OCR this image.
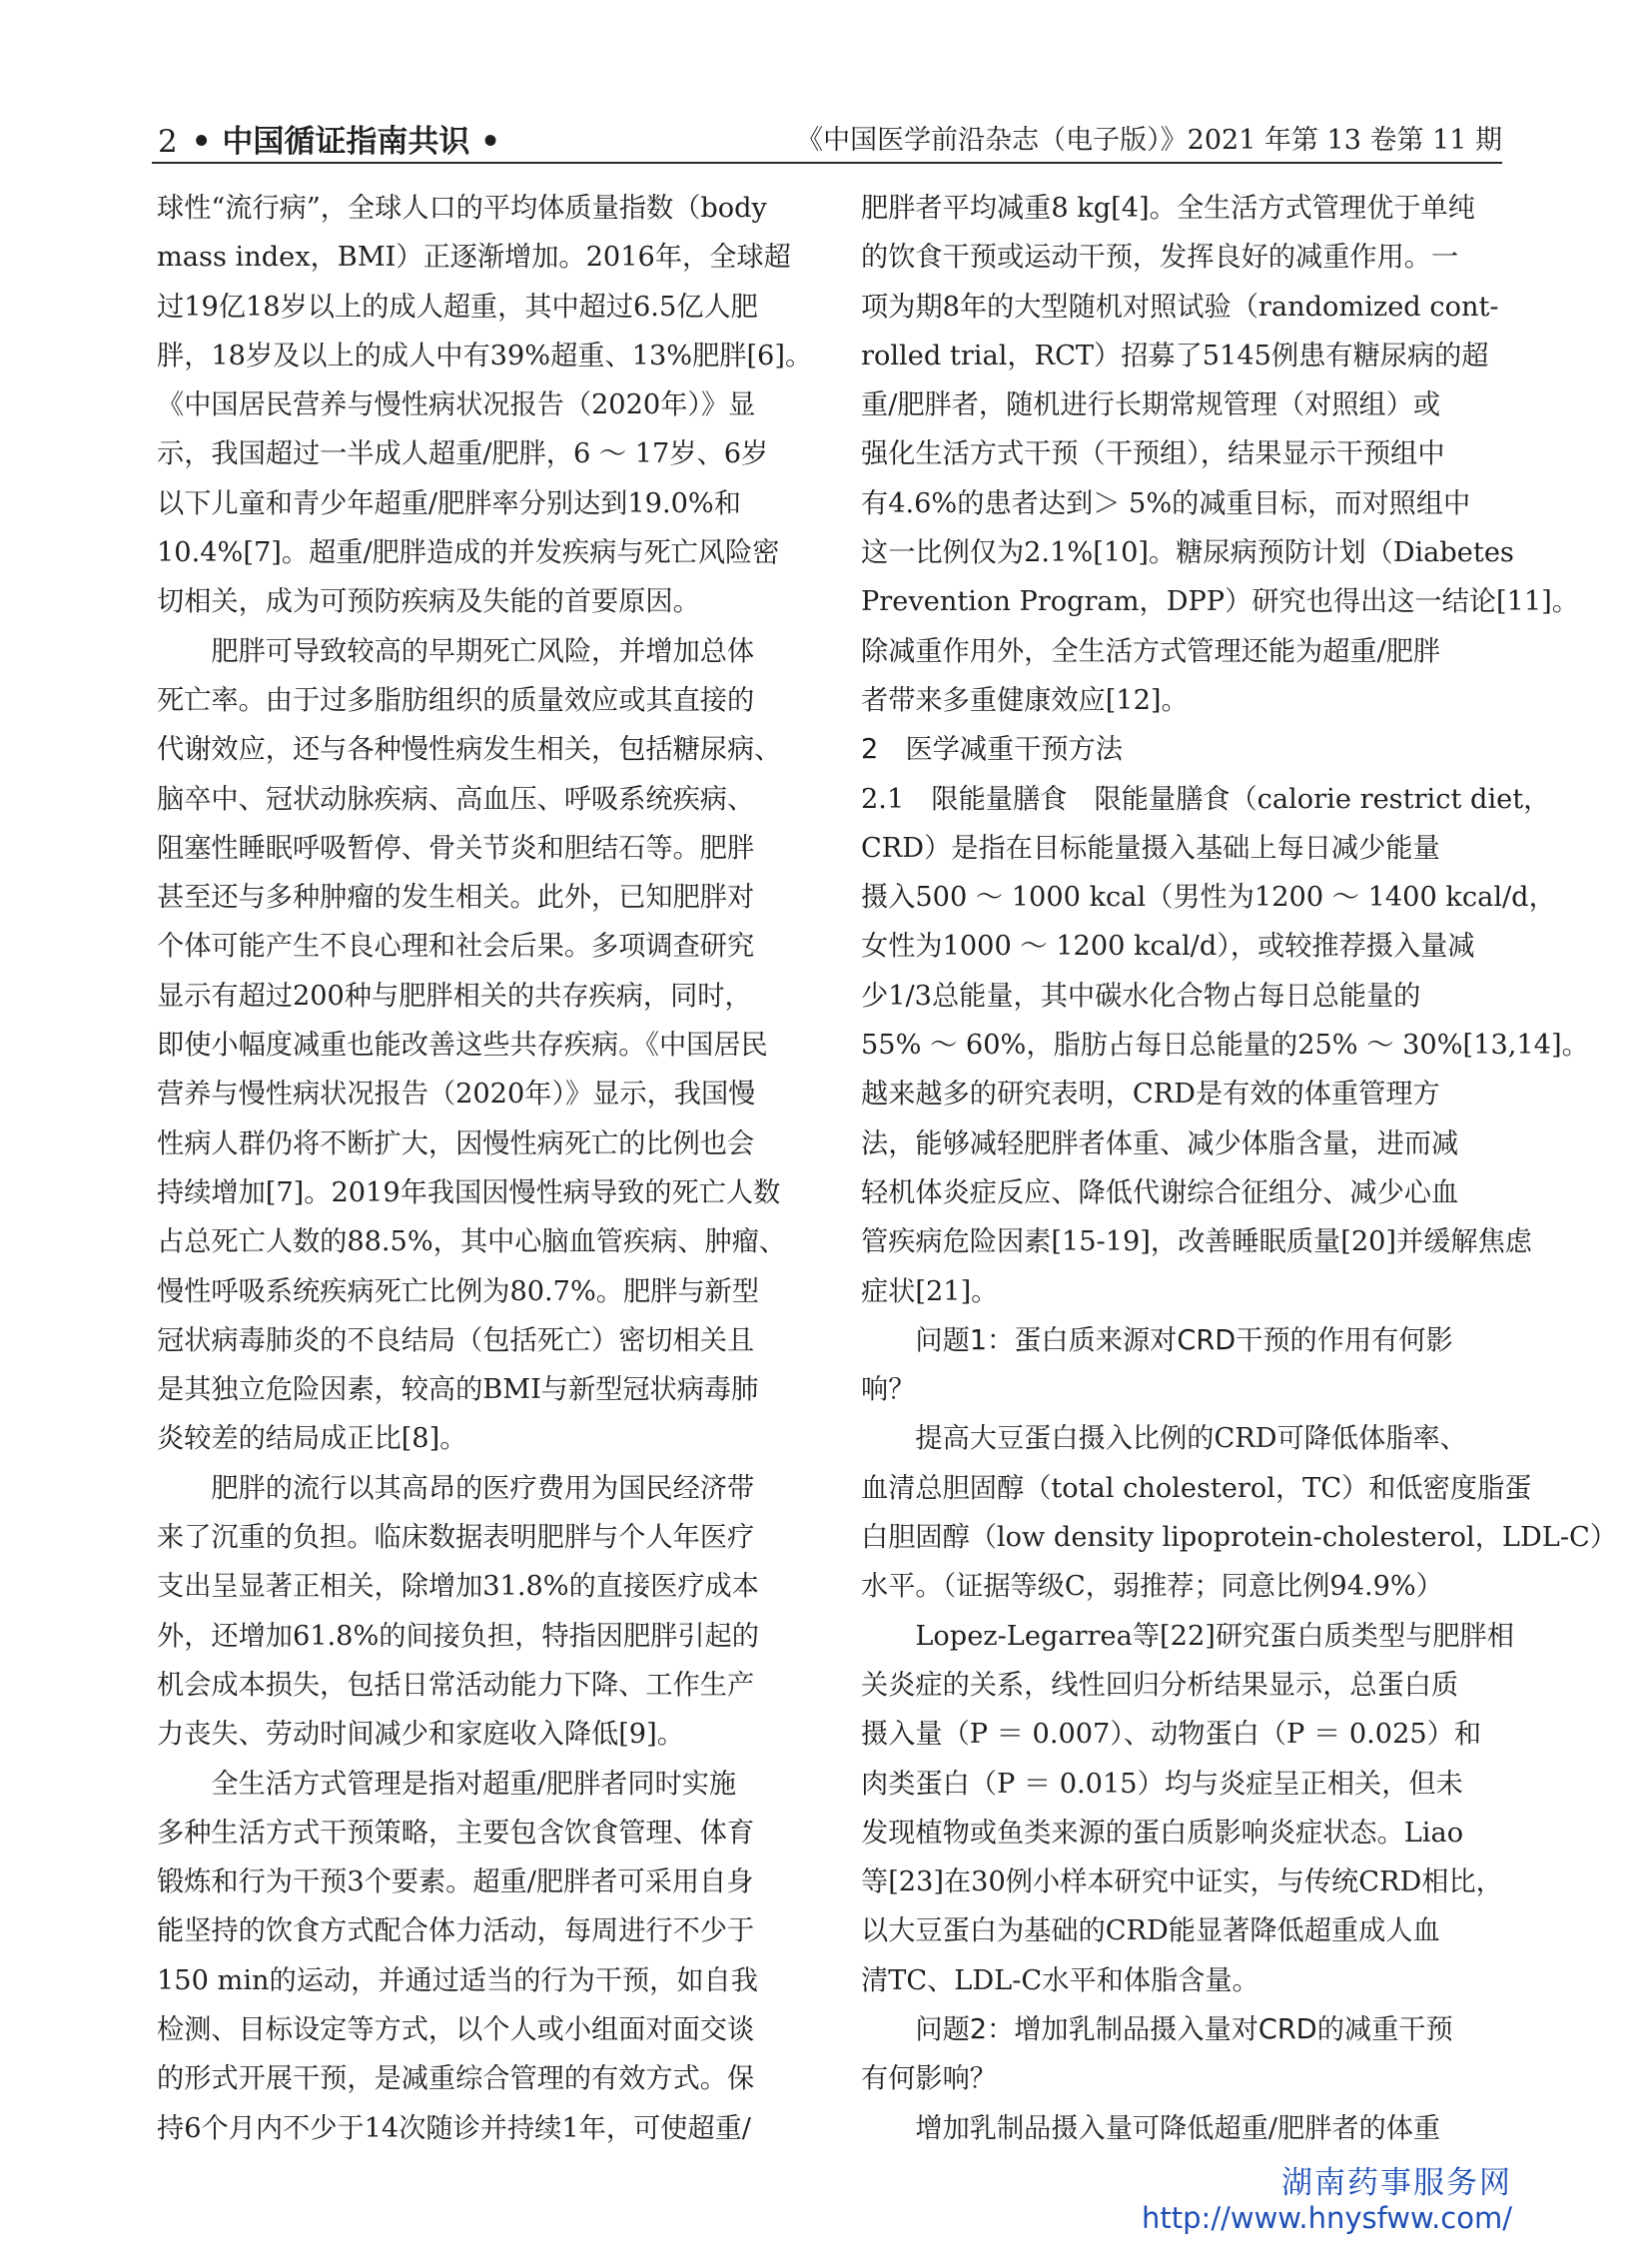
2 • 中国循证指南共识 •	《中国医学前沿杂志（电子版）》2021 年第 13 卷第 11 期
球性“流行病”，全球人口的平均体质量指数（body
mass index，BMI）正逐渐增加。2016年，全球超
过19亿18岁以上的成人超重，其中超过6.5亿人肥
胖，18岁及以上的成人中有39%超重、13%肥胖[6]。
《中国居民营养与慢性病状况报告（2020年）》显
示，我国超过一半成人超重/肥胖，6 ～ 17岁、6岁
以下儿童和青少年超重/肥胖率分别达到19.0%和
10.4%[7]。超重/肥胖造成的并发疾病与死亡风险密
切相关，成为可预防疾病及失能的首要原因。
　　肥胖可导致较高的早期死亡风险，并增加总体
死亡率。由于过多脂肪组织的质量效应或其直接的
代谢效应，还与各种慢性病发生相关，包括糖尿病、
脑卒中、冠状动脉疾病、高血压、呼吸系统疾病、
阻塞性睡眠呼吸暂停、骨关节炎和胆结石等。肥胖
甚至还与多种肿瘤的发生相关。此外，已知肥胖对
个体可能产生不良心理和社会后果。多项调查研究
显示有超过200种与肥胖相关的共存疾病，同时，
即使小幅度减重也能改善这些共存疾病。《中国居民
营养与慢性病状况报告（2020年）》显示，我国慢
性病人群仍将不断扩大，因慢性病死亡的比例也会
持续增加[7]。2019年我国因慢性病导致的死亡人数
占总死亡人数的88.5%，其中心脑血管疾病、肿瘤、
慢性呼吸系统疾病死亡比例为80.7%。肥胖与新型
冠状病毒肺炎的不良结局（包括死亡）密切相关且
是其独立危险因素，较高的BMI与新型冠状病毒肺
炎较差的结局成正比[8]。
　　肥胖的流行以其高昂的医疗费用为国民经济带
来了沉重的负担。临床数据表明肥胖与个人年医疗
支出呈显著正相关，除增加31.8%的直接医疗成本
外，还增加61.8%的间接负担，特指因肥胖引起的
机会成本损失，包括日常活动能力下降、工作生产
力丧失、劳动时间减少和家庭收入降低[9]。
　　全生活方式管理是指对超重/肥胖者同时实施
多种生活方式干预策略，主要包含饮食管理、体育
锻炼和行为干预3个要素。超重/肥胖者可采用自身
能坚持的饮食方式配合体力活动，每周进行不少于
150 min的运动，并通过适当的行为干预，如自我
检测、目标设定等方式，以个人或小组面对面交谈
的形式开展干预，是减重综合管理的有效方式。保
持6个月内不少于14次随诊并持续1年，可使超重/
肥胖者平均减重8 kg[4]。全生活方式管理优于单纯
的饮食干预或运动干预，发挥良好的减重作用。一
项为期8年的大型随机对照试验（randomized cont-
rolled trial，RCT）招募了5145例患有糖尿病的超
重/肥胖者，随机进行长期常规管理（对照组）或
强化生活方式干预（干预组），结果显示干预组中
有4.6%的患者达到＞ 5%的减重目标，而对照组中
这一比例仅为2.1%[10]。糖尿病预防计划（Diabetes
Prevention Program，DPP）研究也得出这一结论[11]。
除减重作用外，全生活方式管理还能为超重/肥胖
者带来多重健康效应[12]。
2　医学减重干预方法
2.1　限能量膳食　限能量膳食（calorie restrict diet，
CRD）是指在目标能量摄入基础上每日减少能量
摄入500 ～ 1000 kcal（男性为1200 ～ 1400 kcal/d，
女性为1000 ～ 1200 kcal/d），或较推荐摄入量减
少1/3总能量，其中碳水化合物占每日总能量的
55% ～ 60%，脂肪占每日总能量的25% ～ 30%[13,14]。
越来越多的研究表明，CRD是有效的体重管理方
法，能够减轻肥胖者体重、减少体脂含量，进而减
轻机体炎症反应、降低代谢综合征组分、减少心血
管疾病危险因素[15-19]，改善睡眠质量[20]并缓解焦虑
症状[21]。
　　问题1：蛋白质来源对CRD干预的作用有何影
响？
　　提高大豆蛋白摄入比例的CRD可降低体脂率、
血清总胆固醇（total cholesterol，TC）和低密度脂蛋
白胆固醇（low density lipoprotein-cholesterol，LDL-C）
水平。（证据等级C，弱推荐；同意比例94.9%）
　　Lopez-Legarrea等[22]研究蛋白质类型与肥胖相
关炎症的关系，线性回归分析结果显示，总蛋白质
摄入量（P ＝ 0.007）、动物蛋白（P ＝ 0.025）和
肉类蛋白（P ＝ 0.015）均与炎症呈正相关，但未
发现植物或鱼类来源的蛋白质影响炎症状态。Liao
等[23]在30例小样本研究中证实，与传统CRD相比，
以大豆蛋白为基础的CRD能显著降低超重成人血
清TC、LDL-C水平和体脂含量。
　　问题2：增加乳制品摄入量对CRD的减重干预
有何影响？
　　增加乳制品摄入量可降低超重/肥胖者的体重
湖南药事服务网
http://www.hnysfww.com/
